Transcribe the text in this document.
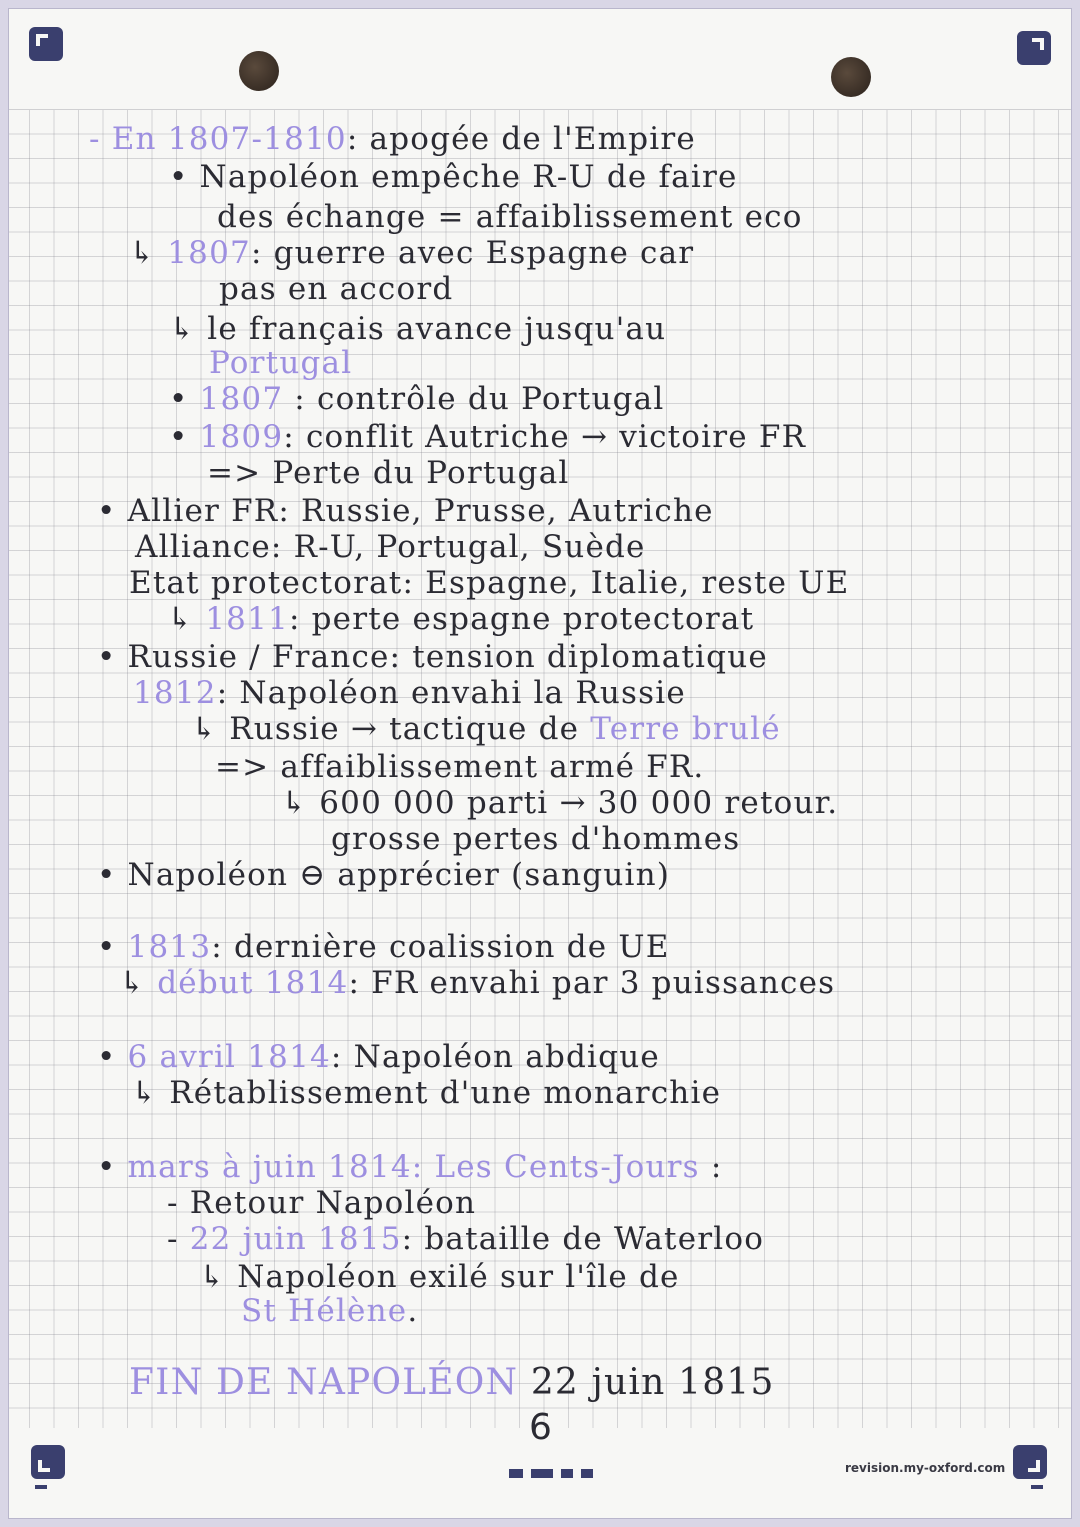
- En 1807-1810: apogée de l'Empire
• Napoléon empêche R-U de faire
des échange = affaiblissement eco
↳ 1807: guerre avec Espagne car
pas en accord
↳ le français avance jusqu'au
Portugal
• 1807 : contrôle du Portugal
• 1809: conflit Autriche → victoire FR
=> Perte du Portugal
• Allier FR: Russie, Prusse, Autriche
Alliance: R-U, Portugal, Suède
Etat protectorat: Espagne, Italie, reste UE
↳ 1811: perte espagne protectorat
• Russie / France: tension diplomatique
1812: Napoléon envahi la Russie
↳ Russie → tactique de Terre brulé
=> affaiblissement armé FR.
↳ 600 000 parti → 30 000 retour.
grosse pertes d'hommes
• Napoléon ⊖ apprécier (sanguin)
• 1813: dernière coalission de UE
↳ début 1814: FR envahi par 3 puissances
• 6 avril 1814: Napoléon abdique
↳ Rétablissement d'une monarchie
• mars à juin 1814: Les Cents-Jours :
- Retour Napoléon
- 22 juin 1815: bataille de Waterloo
↳ Napoléon exilé sur l'île de
St Hélène.
FIN DE NAPOLÉON 22 juin 1815
6
revision.my-oxford.com
